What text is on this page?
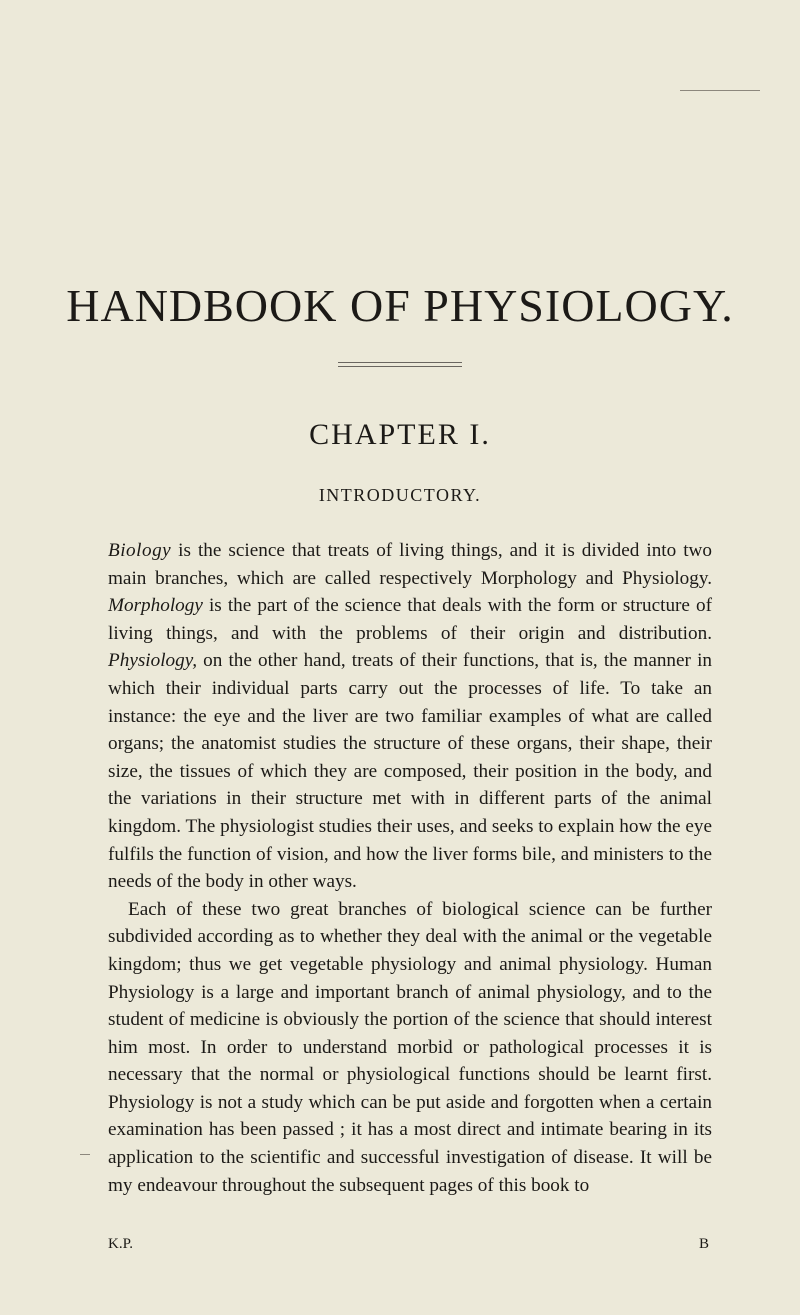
HANDBOOK OF PHYSIOLOGY.
CHAPTER I.
INTRODUCTORY.

Biology is the science that treats of living things, and it is divided into two main branches, which are called respectively Morphology and Physiology. Morphology is the part of the science that deals with the form or structure of living things, and with the problems of their origin and distribution. Physiology, on the other hand, treats of their functions, that is, the manner in which their individual parts carry out the processes of life. To take an instance: the eye and the liver are two familiar examples of what are called organs; the anatomist studies the structure of these organs, their shape, their size, the tissues of which they are composed, their position in the body, and the variations in their structure met with in different parts of the animal kingdom. The physiologist studies their uses, and seeks to explain how the eye fulfils the function of vision, and how the liver forms bile, and ministers to the needs of the body in other ways.

Each of these two great branches of biological science can be further subdivided according as to whether they deal with the animal or the vegetable kingdom; thus we get vegetable physiology and animal physiology. Human Physiology is a large and important branch of animal physiology, and to the student of medicine is obviously the portion of the science that should interest him most. In order to understand morbid or pathological processes it is necessary that the normal or physiological functions should be learnt first. Physiology is not a study which can be put aside and forgotten when a certain examination has been passed ; it has a most direct and intimate bearing in its application to the scientific and successful investigation of disease. It will be my endeavour throughout the subsequent pages of this book to

K.P.	B
